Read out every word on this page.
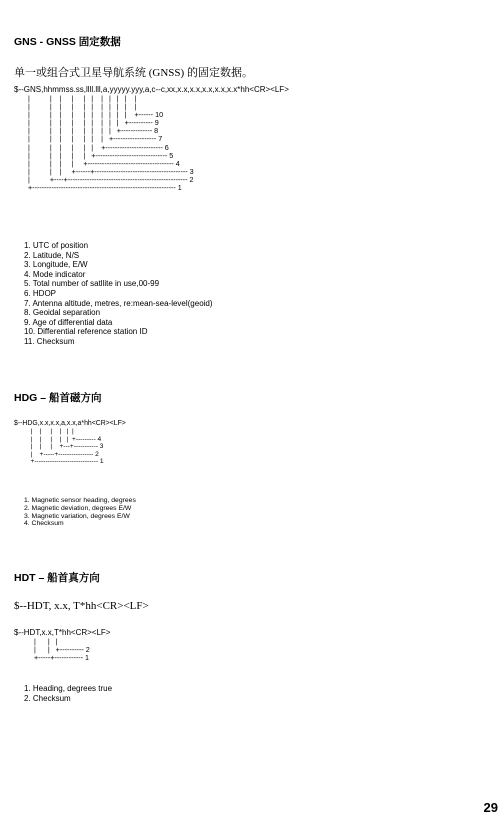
GNS - GNSS 固定数据
单一或组合式卫星导航系统 (GNSS) 的固定数据。
$--GNS,hhmmss.ss,llll.lll,a,yyyyy.yyy,a,c--c,xx,x.x,x.x,x.x,x.x,x.x*hh<CR><LF>
|          |    |     |     |   |    |   |   |   |    |
|          |    |     |     |   |    |   |   |   |    |
|          |    |     |     |   |    |   |   |   |    +------ 10
|          |    |     |     |   |    |   |   |   +---------- 9
|          |    |     |     |   |    |   |   +------------- 8
|          |    |     |     |   |    |   +------------------ 7
|          |    |     |     |   |    +------------------------ 6
|          |    |     |     |   +------------------------------ 5
|          |    |     |     +------------------------------------ 4
|          |    |     +------+--------------------------------------- 3
|          +----+-------------------------------------------------- 2
+------------------------------------------------------------ 1
1. UTC of position
2. Latitude, N/S
3. Longitude, E/W
4. Mode indicator
5. Total number of satllite in use,00-99
6. HDOP
7. Antenna altitude, metres, re:mean-sea-level(geoid)
8. Geoidal separation
9. Age of differential data
10. Differential reference station ID
11. Checksum
HDG – 船首磁方向
$--HDG,x.x,x.x,a,x.x,a*hh<CR><LF>
|    |     |    |   |  |
|    |     |    |   |  +--------- 4
|    |     |    +---+----------- 3
|    +-----+---------------- 2
+----------------------------- 1
1. Magnetic sensor heading, degrees
2. Magnetic deviation, degrees E/W
3. Magnetic variation, degrees E/W
4. Checksum
HDT – 船首真方向
$--HDT, x.x, T*hh<CR><LF>
$--HDT,x.x,T*hh<CR><LF>
|      |   |
|      |   +---------- 2
+-----+------------ 1
1. Heading, degrees true
2. Checksum
29
